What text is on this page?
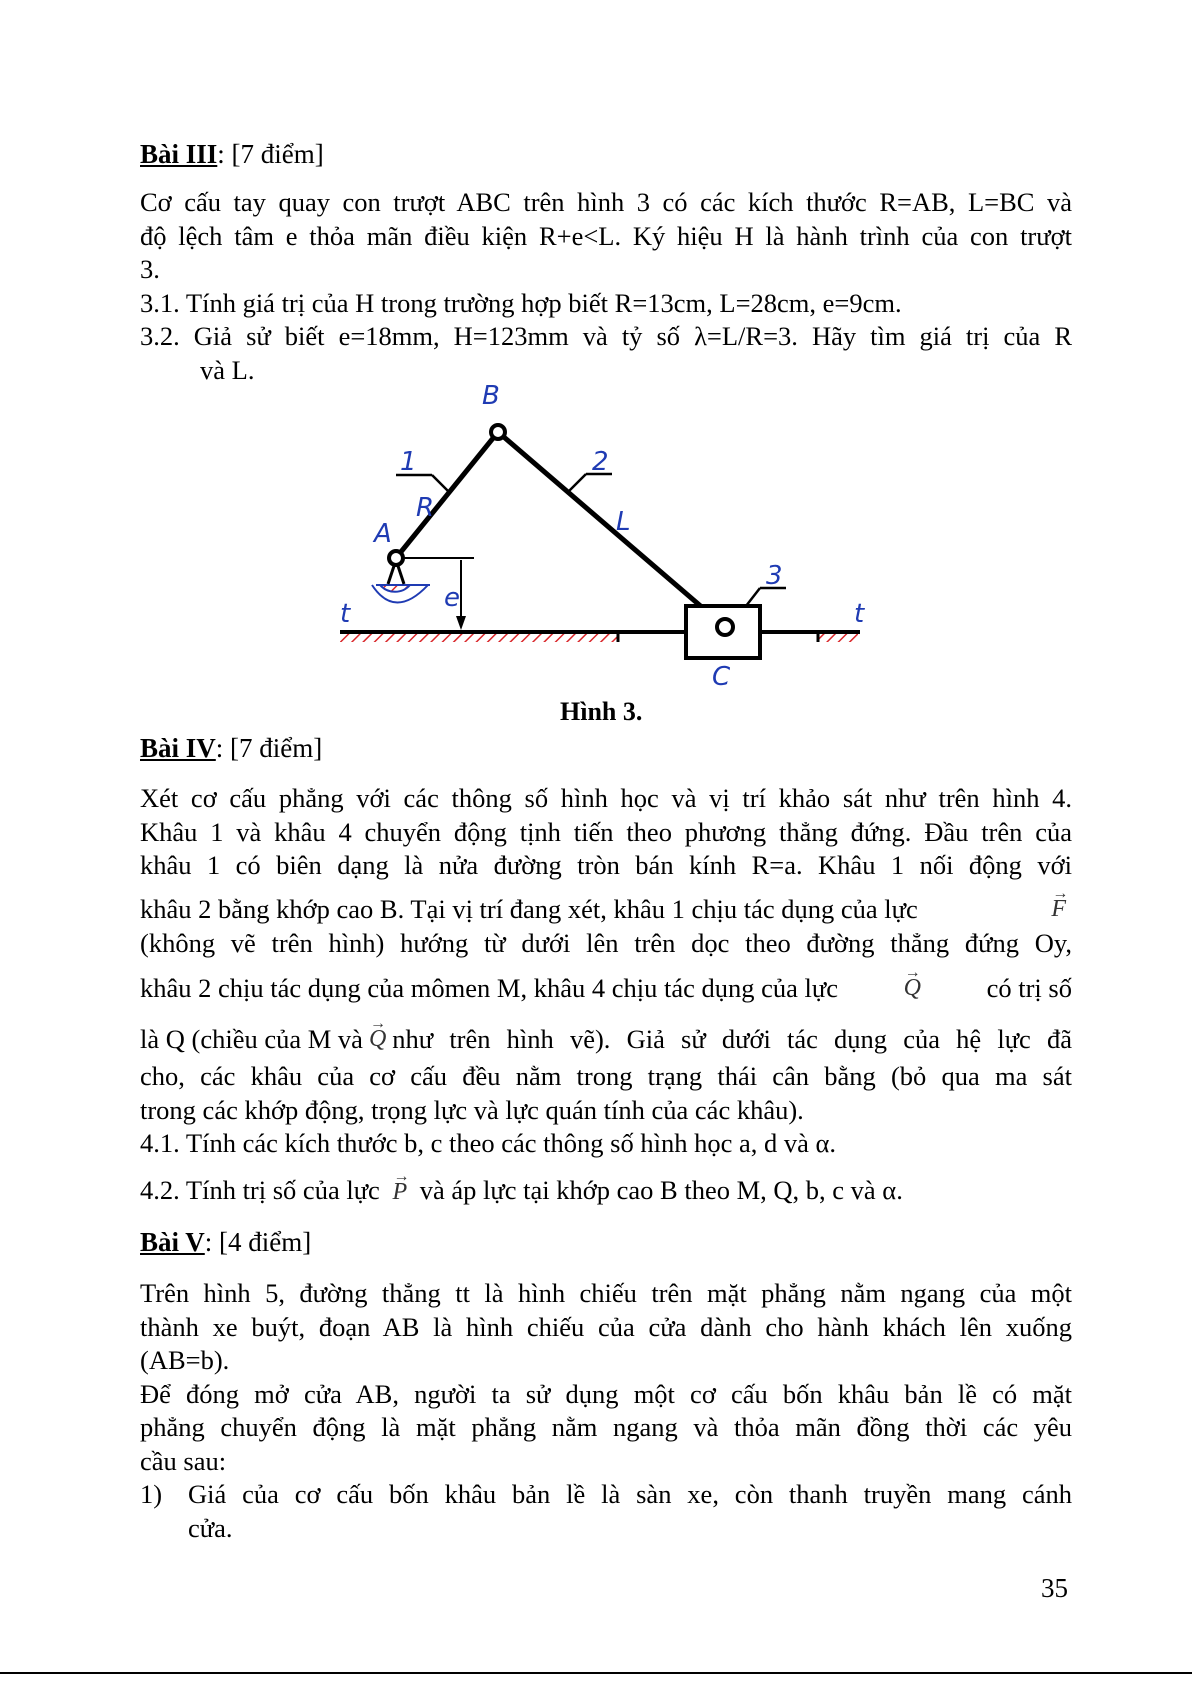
Bài III: [7 điểm]
Cơ cấu tay quay con trượt ABC trên hình 3 có các kích thước R=AB, L=BC và
độ lệch tâm e thỏa mãn điều kiện R+e<L. Ký hiệu H là hành trình của con trượt
3.
3.1. Tính giá trị của H trong trường hợp biết R=13cm, L=28cm, e=9cm.
3.2. Giả sử biết e=18mm, H=123mm và tỷ số λ=L/R=3. Hãy tìm giá trị của R
và L.
B
A
C
1	2
3
R	L
e
t	t
Hình 3.
Bài IV: [7 điểm]
Xét cơ cấu phẳng với các thông số hình học và vị trí khảo sát như trên hình 4.
Khâu 1 và khâu 4 chuyển động tịnh tiến theo phương thẳng đứng. Đầu trên của
khâu 1 có biên dạng là nửa đường tròn bán kính R=a. Khâu 1 nối động với
khâu 2 bằng khớp cao B. Tại vị trí đang xét, khâu 1 chịu tác dụng của lực	→ F
(không vẽ trên hình) hướng từ dưới lên trên dọc theo đường thẳng đứng Oy,
khâu 2 chịu tác dụng của mômen M, khâu 4 chịu tác dụng của lực	→ Q có trị số
là Q (chiều của M và → Q như trên hình vẽ). Giả sử dưới tác dụng của hệ lực đã
cho, các khâu của cơ cấu đều nằm trong trạng thái cân bằng (bỏ qua ma sát
trong các khớp động, trọng lực và lực quán tính của các khâu).
4.1. Tính các kích thước b, c theo các thông số hình học a, d và α.
4.2. Tính trị số của lực → P và áp lực tại khớp cao B theo M, Q, b, c và α.
Bài V: [4 điểm]
Trên hình 5, đường thẳng tt là hình chiếu trên mặt phẳng nằm ngang của một
thành xe buýt, đoạn AB là hình chiếu của cửa dành cho hành khách lên xuống
(AB=b).
Để đóng mở cửa AB, người ta sử dụng một cơ cấu bốn khâu bản lề có mặt
phẳng chuyển động là mặt phẳng nằm ngang và thỏa mãn đồng thời các yêu
cầu sau:
1) Giá của cơ cấu bốn khâu bản lề là sàn xe, còn thanh truyền mang cánh
cửa.
35
